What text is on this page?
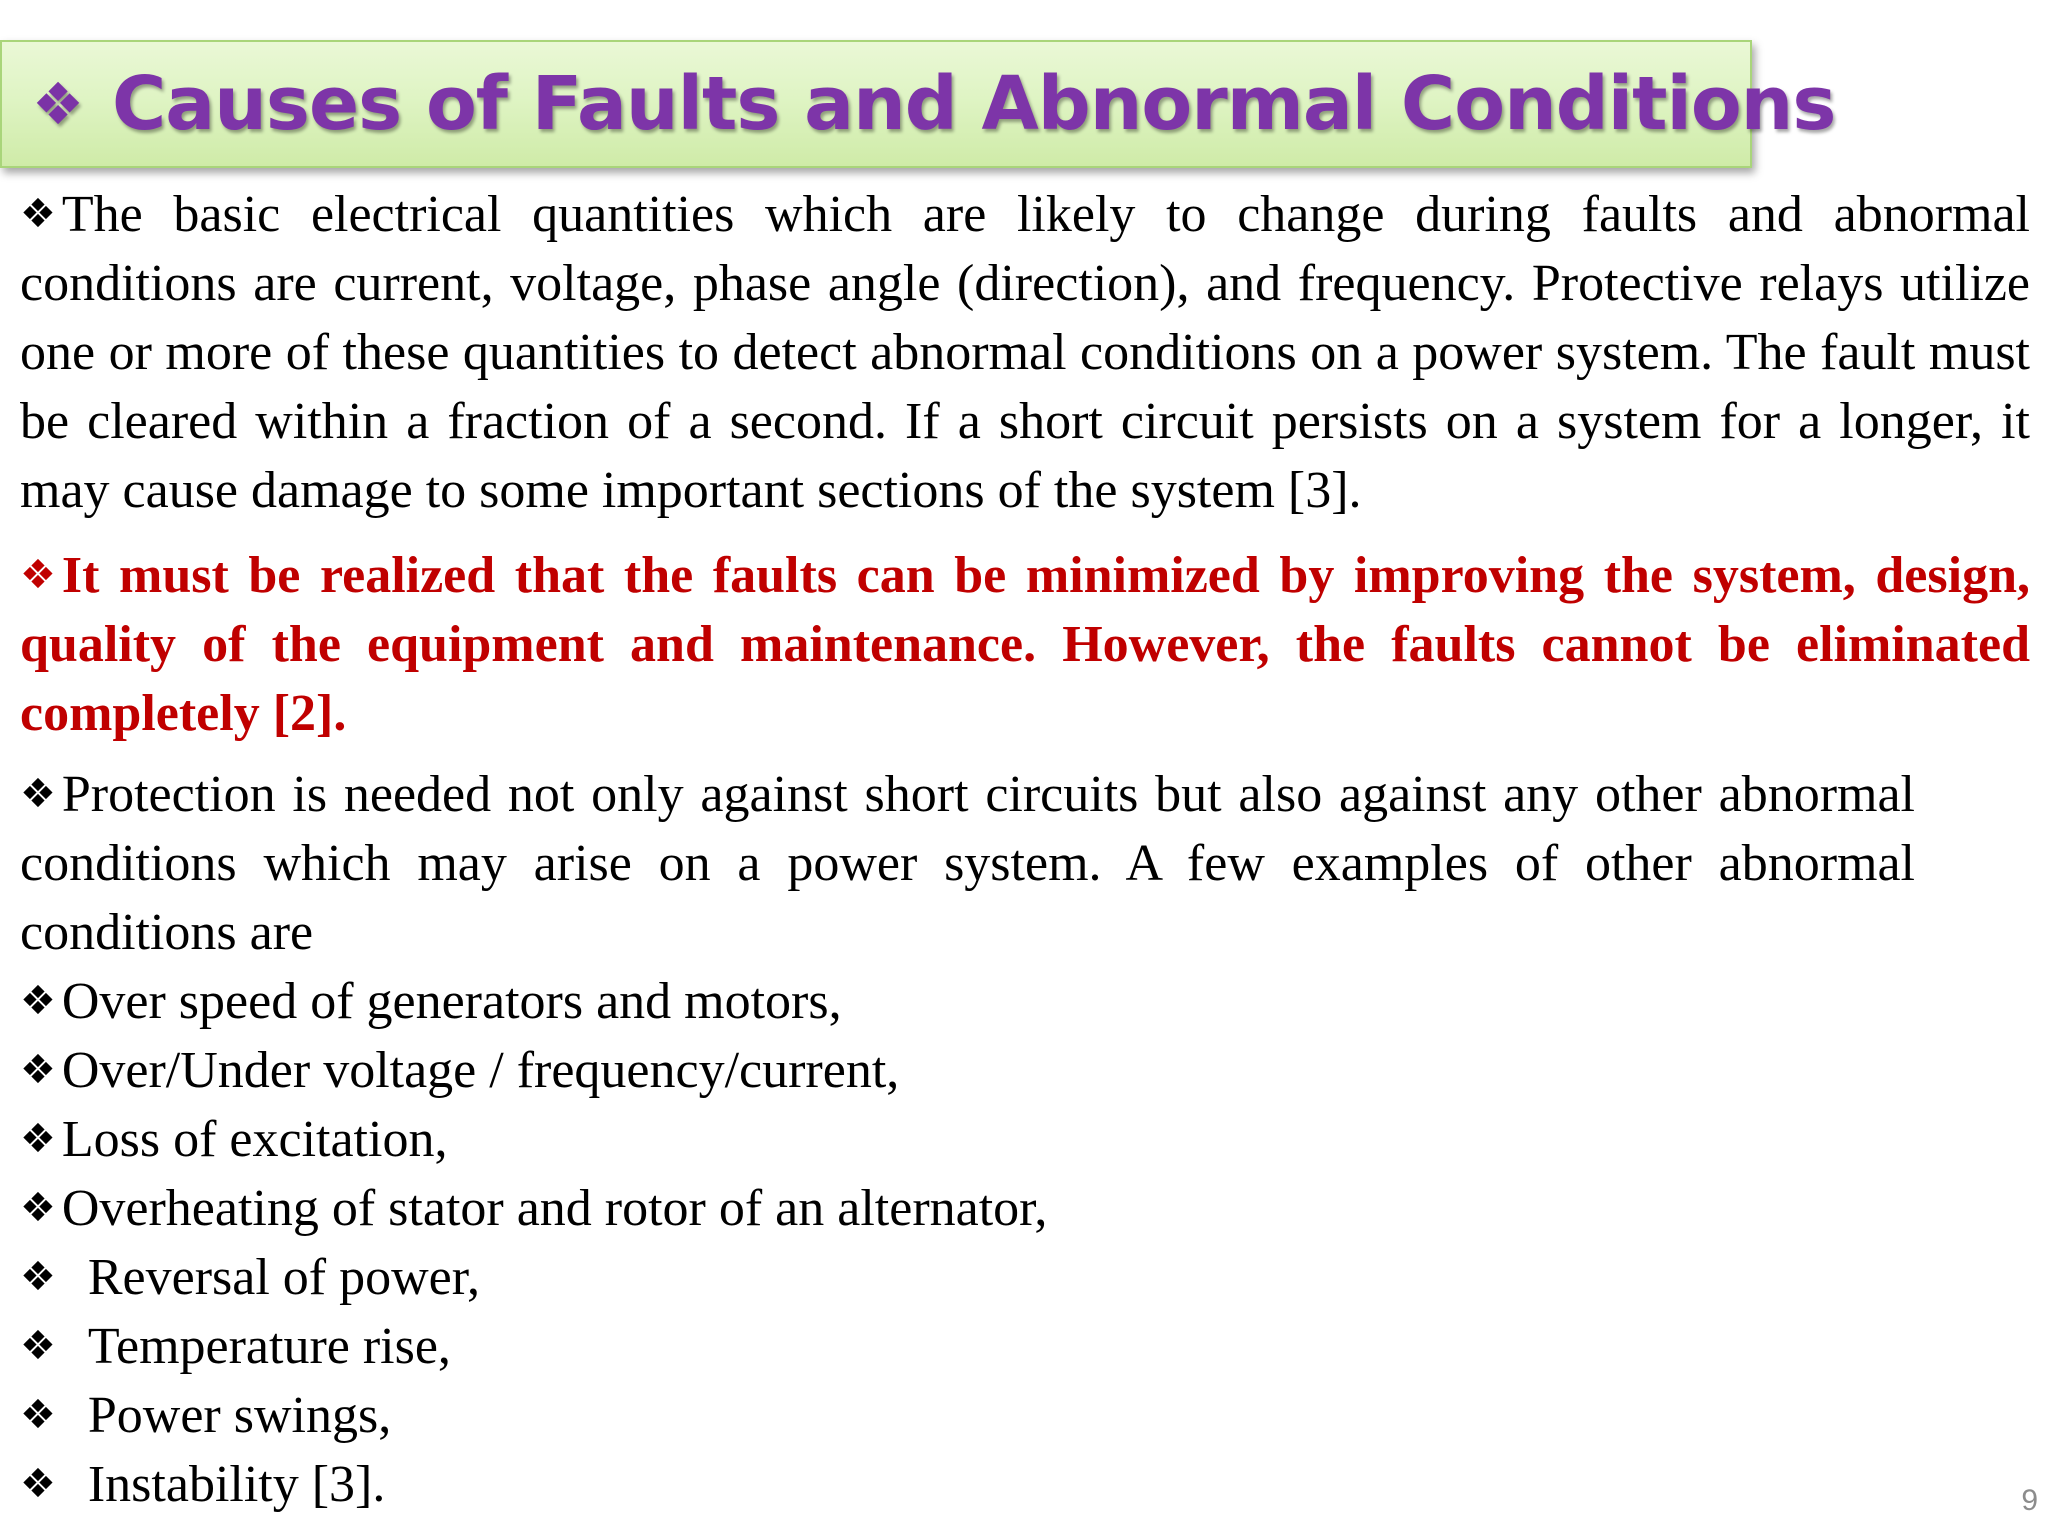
❖ Causes of Faults and Abnormal Conditions

❖ The basic electrical quantities which are likely to change during faults and abnormal conditions are current, voltage, phase angle (direction), and frequency. Protective relays utilize one or more of these quantities to detect abnormal conditions on a power system. The fault must be cleared within a fraction of a second. If a short circuit persists on a system for a longer, it may cause damage to some important sections of the system [3].

❖ It must be realized that the faults can be minimized by improving the system, design, quality of the equipment and maintenance. However, the faults cannot be eliminated completely [2].

❖ Protection is needed not only against short circuits but also against any other abnormal conditions which may arise on a power system. A few examples of other abnormal conditions are

❖ Over speed of generators and motors,
❖ Over/Under voltage / frequency/current,
❖ Loss of excitation,
❖ Overheating of stator and rotor of an alternator,
❖ Reversal of power,
❖ Temperature rise,
❖ Power swings,
❖ Instability [3].	9
